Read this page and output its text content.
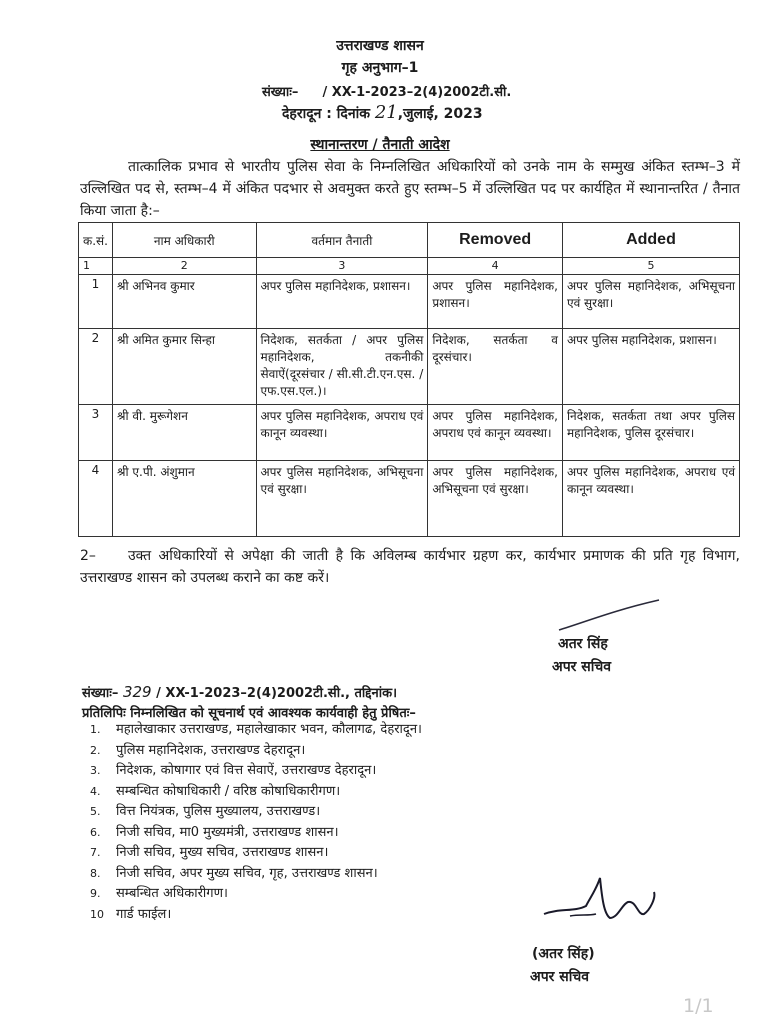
उत्तराखण्ड शासन
गृह अनुभाग–1
संख्याः– / XX-1-2023–2(4)2002टी.सी.
देहरादून : दिनांक 21,जुलाई, 2023
स्थानान्तरण / तैनाती आदेश
तात्कालिक प्रभाव से भारतीय पुलिस सेवा के निम्नलिखित अधिकारियों को उनके नाम के सम्मुख अंकित स्तम्भ–3 में उल्लिखित पद से, स्तम्भ–4 में अंकित पदभार से अवमुक्त करते हुए स्तम्भ–5 में उल्लिखित पद पर कार्यहित में स्थानान्तरित / तैनात किया जाता है:–
क.सं.	नाम अधिकारी	वर्तमान तैनाती	Removed	Added
1	2	3	4	5
1	श्री अभिनव कुमार	अपर पुलिस महानिदेशक, प्रशासन।	अपर पुलिस महानिदेशक, प्रशासन।	अपर पुलिस महानिदेशक, अभिसूचना एवं सुरक्षा।
2	श्री अमित कुमार सिन्हा	निदेशक, सतर्कता / अपर पुलिस महानिदेशक, तकनीकी सेवाऐं(दूरसंचार / सी.सी.टी.एन.एस. / एफ.एस.एल.)।	निदेशक, सतर्कता व दूरसंचार।	अपर पुलिस महानिदेशक, प्रशासन।
3	श्री वी. मुरूगेशन	अपर पुलिस महानिदेशक, अपराध एवं कानून व्यवस्था।	अपर पुलिस महानिदेशक, अपराध एवं कानून व्यवस्था।	निदेशक, सतर्कता तथा अपर पुलिस महानिदेशक, पुलिस दूरसंचार।
4	श्री ए.पी. अंशुमान	अपर पुलिस महानिदेशक, अभिसूचना एवं सुरक्षा।	अपर पुलिस महानिदेशक, अभिसूचना एवं सुरक्षा।	अपर पुलिस महानिदेशक, अपराध एवं कानून व्यवस्था।
2– उक्त अधिकारियों से अपेक्षा की जाती है कि अविलम्ब कार्यभार ग्रहण कर, कार्यभार प्रमाणक की प्रति गृह विभाग, उत्तराखण्ड शासन को उपलब्ध कराने का कष्ट करें।
अतर सिंह
अपर सचिव
संख्याः– 329 / XX-1-2023–2(4)2002टी.सी., तद्दिनांक।
प्रतिलिपिः निम्नलिखित को सूचनार्थ एवं आवश्यक कार्यवाही हेतु प्रेषितः–
1. महालेखाकार उत्तराखण्ड, महालेखाकार भवन, कौलागढ, देहरादून।
2. पुलिस महानिदेशक, उत्तराखण्ड देहरादून।
3. निदेशक, कोषागार एवं वित्त सेवाऐं, उत्तराखण्ड देहरादून।
4. सम्बन्धित कोषाधिकारी / वरिष्ठ कोषाधिकारीगण।
5. वित्त नियंत्रक, पुलिस मुख्यालय, उत्तराखण्ड।
6. निजी सचिव, मा0 मुख्यमंत्री, उत्तराखण्ड शासन।
7. निजी सचिव, मुख्य सचिव, उत्तराखण्ड शासन।
8. निजी सचिव, अपर मुख्य सचिव, गृह, उत्तराखण्ड शासन।
9. सम्बन्धित अधिकारीगण।
10 गार्ड फाईल।
(अतर सिंह)
अपर सचिव
1/1
